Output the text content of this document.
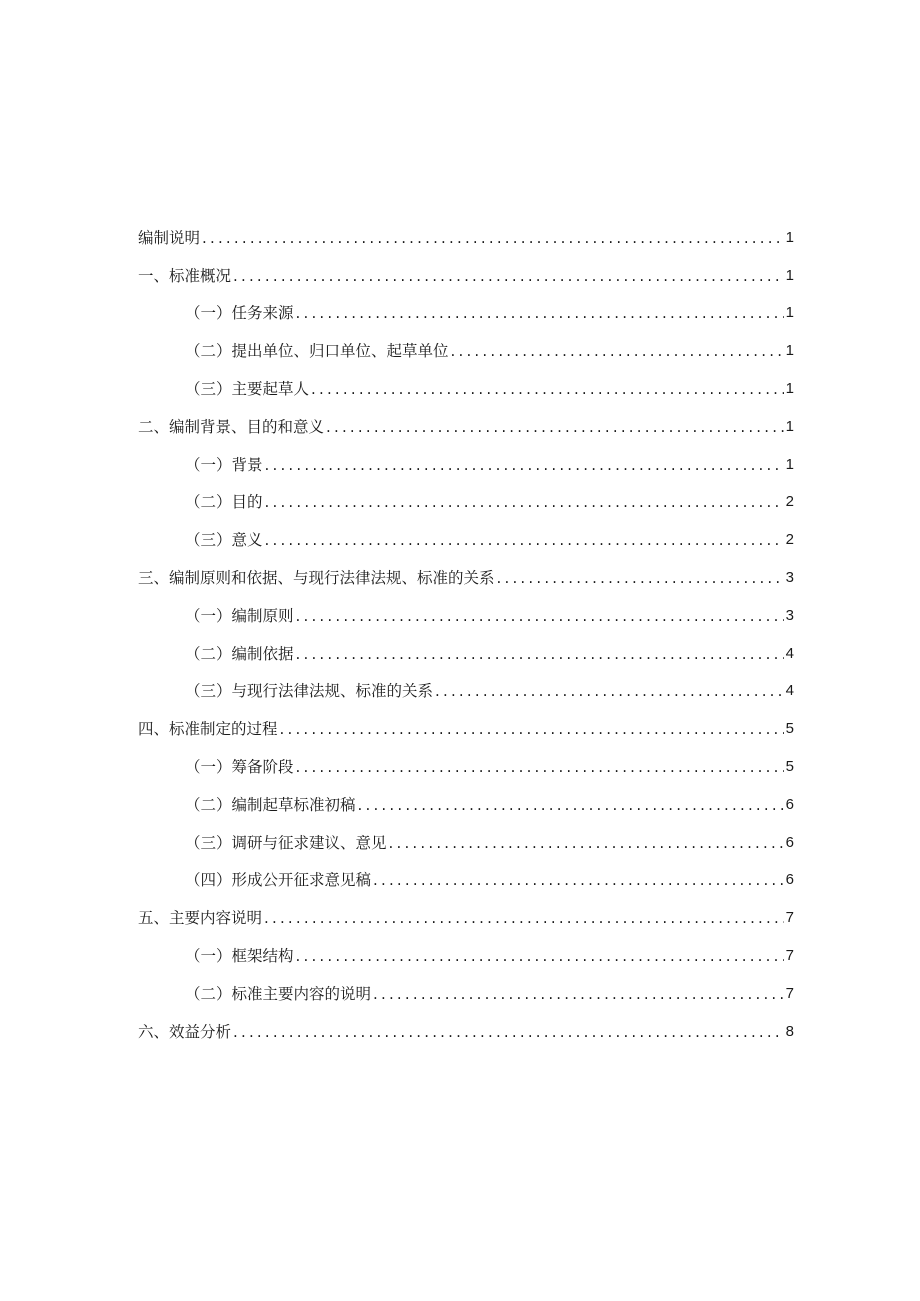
编制说明 .....	1
一、标准概况 .....	1
（一）任务来源 .....	1
（二）提出单位、归口单位、起草单位 .....	1
（三）主要起草人 .....	1
二、编制背景、目的和意义 .....	1
（一）背景 .....	1
（二）目的 .....	2
（三）意义 .....	2
三、编制原则和依据、与现行法律法规、标准的关系 .....	3
（一）编制原则 .....	3
（二）编制依据 .....	4
（三）与现行法律法规、标准的关系 .....	4
四、标准制定的过程 .....	5
（一）筹备阶段 .....	5
（二）编制起草标准初稿 .....	6
（三）调研与征求建议、意见 .....	6
（四）形成公开征求意见稿 .....	6
五、主要内容说明 .....	7
（一）框架结构 .....	7
（二）标准主要内容的说明 .....	7
六、效益分析 .....	8
